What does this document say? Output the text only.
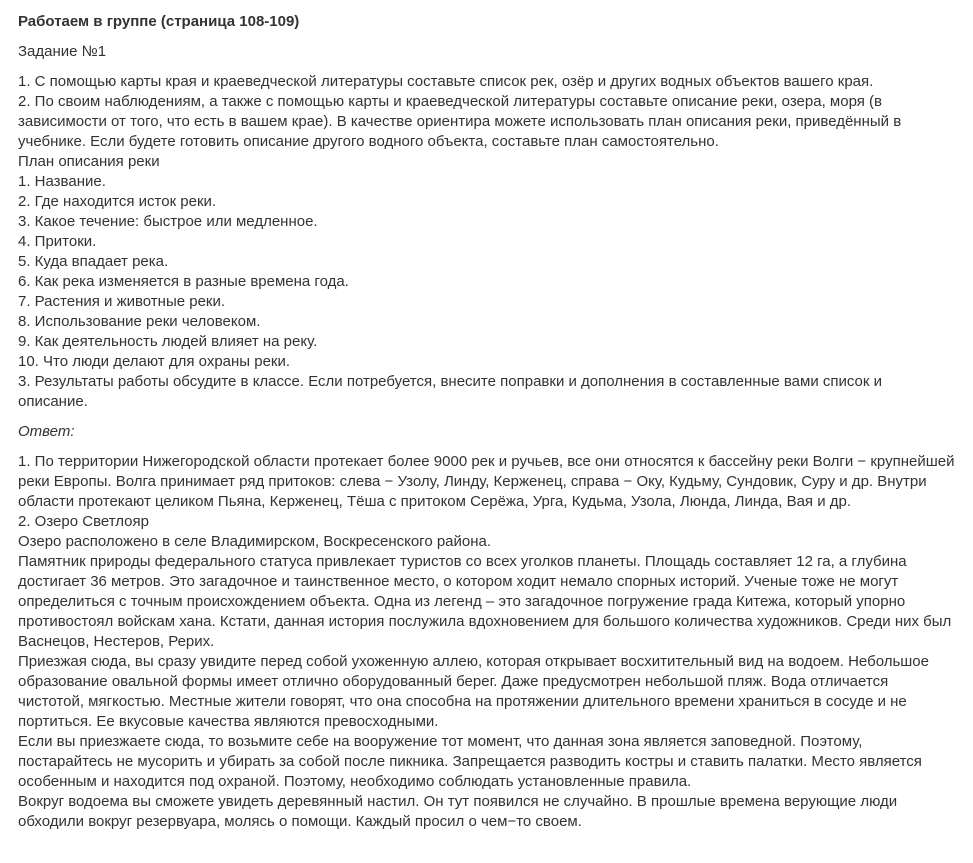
Работаем в группе (страница 108-109)
Задание №1
1. С помощью карты края и краеведческой литературы составьте список рек, озёр и других водных объектов вашего края.
2. По своим наблюдениям, а также с помощью карты и краеведческой литературы составьте описание реки, озера, моря (в зависимости от того, что есть в вашем крае). В качестве ориентира можете использовать план описания реки, приведённый в учебнике. Если будете готовить описание другого водного объекта, составьте план самостоятельно.
План описания реки
1. Название.
2. Где находится исток реки.
3. Какое течение: быстрое или медленное.
4. Притоки.
5. Куда впадает река.
6. Как река изменяется в разные времена года.
7. Растения и животные реки.
8. Использование реки человеком.
9. Как деятельность людей влияет на реку.
10. Что люди делают для охраны реки.
3. Результаты работы обсудите в классе. Если потребуется, внесите поправки и дополнения в составленные вами список и описание.
Ответ:
1. По территории Нижегородской области протекает более 9000 рек и ручьев, все они относятся к бассейну реки Волги − крупнейшей реки Европы. Волга принимает ряд притоков: слева − Узолу, Линду, Керженец, справа − Оку, Кудьму, Сундовик, Суру и др. Внутри области протекают целиком Пьяна, Керженец, Тёша с притоком Серёжа, Урга, Кудьма, Узола, Люнда, Линда, Вая и др.
2. Озеро Светлояр
Озеро расположено в селе Владимирском, Воскресенского района.
Памятник природы федерального статуса привлекает туристов со всех уголков планеты. Площадь составляет 12 га, а глубина достигает 36 метров. Это загадочное и таинственное место, о котором ходит немало спорных историй. Ученые тоже не могут определиться с точным происхождением объекта. Одна из легенд – это загадочное погружение града Китежа, который упорно противостоял войскам хана. Кстати, данная история послужила вдохновением для большого количества художников. Среди них был Васнецов, Нестеров, Рерих.
Приезжая сюда, вы сразу увидите перед собой ухоженную аллею, которая открывает восхитительный вид на водоем. Небольшое образование овальной формы имеет отлично оборудованный берег. Даже предусмотрен небольшой пляж. Вода отличается чистотой, мягкостью. Местные жители говорят, что она способна на протяжении длительного времени храниться в сосуде и не портиться. Ее вкусовые качества являются превосходными.
Если вы приезжаете сюда, то возьмите себе на вооружение тот момент, что данная зона является заповедной. Поэтому, постарайтесь не мусорить и убирать за собой после пикника. Запрещается разводить костры и ставить палатки. Место является особенным и находится под охраной. Поэтому, необходимо соблюдать установленные правила.
Вокруг водоема вы сможете увидеть деревянный настил. Он тут появился не случайно. В прошлые времена верующие люди обходили вокруг резервуара, молясь о помощи. Каждый просил о чем−то своем.
